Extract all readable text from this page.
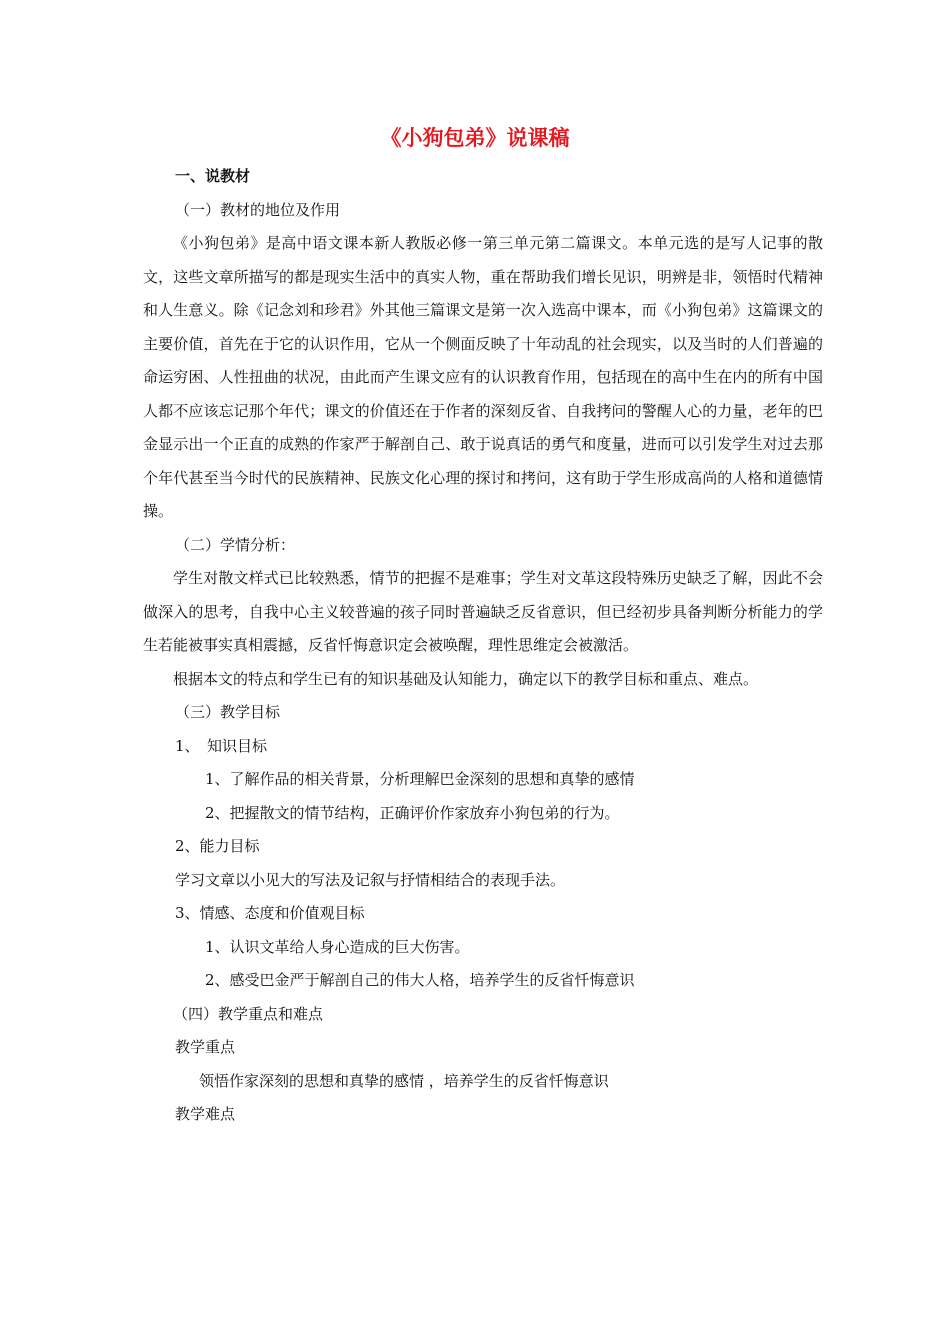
《小狗包弟》说课稿

一、说教材

（一）教材的地位及作用

《小狗包弟》是高中语文课本新人教版必修一第三单元第二篇课文。本单元选的是写人记事的散文，这些文章所描写的都是现实生活中的真实人物，重在帮助我们增长见识，明辨是非，领悟时代精神和人生意义。除《记念刘和珍君》外其他三篇课文是第一次入选高中课本，而《小狗包弟》这篇课文的主要价值，首先在于它的认识作用，它从一个侧面反映了十年动乱的社会现实，以及当时的人们普遍的命运穷困、人性扭曲的状况，由此而产生课文应有的认识教育作用，包括现在的高中生在内的所有中国人都不应该忘记那个年代；课文的价值还在于作者的深刻反省、自我拷问的警醒人心的力量，老年的巴金显示出一个正直的成熟的作家严于解剖自己、敢于说真话的勇气和度量，进而可以引发学生对过去那个年代甚至当今时代的民族精神、民族文化心理的探讨和拷问，这有助于学生形成高尚的人格和道德情操。

（二）学情分析：

学生对散文样式已比较熟悉，情节的把握不是难事；学生对文革这段特殊历史缺乏了解，因此不会做深入的思考，自我中心主义较普遍的孩子同时普遍缺乏反省意识，但已经初步具备判断分析能力的学生若能被事实真相震撼，反省忏悔意识定会被唤醒，理性思维定会被激活。

根据本文的特点和学生已有的知识基础及认知能力，确定以下的教学目标和重点、难点。

（三）教学目标

1、　知识目标

1、了解作品的相关背景，分析理解巴金深刻的思想和真挚的感情

2、把握散文的情节结构，正确评价作家放弃小狗包弟的行为。

2、能力目标

学习文章以小见大的写法及记叙与抒情相结合的表现手法。

3、情感、态度和价值观目标

1、认识文革给人身心造成的巨大伤害。

2、感受巴金严于解剖自己的伟大人格，培养学生的反省忏悔意识

（四）教学重点和难点

教学重点

领悟作家深刻的思想和真挚的感情 ，培养学生的反省忏悔意识

教学难点
